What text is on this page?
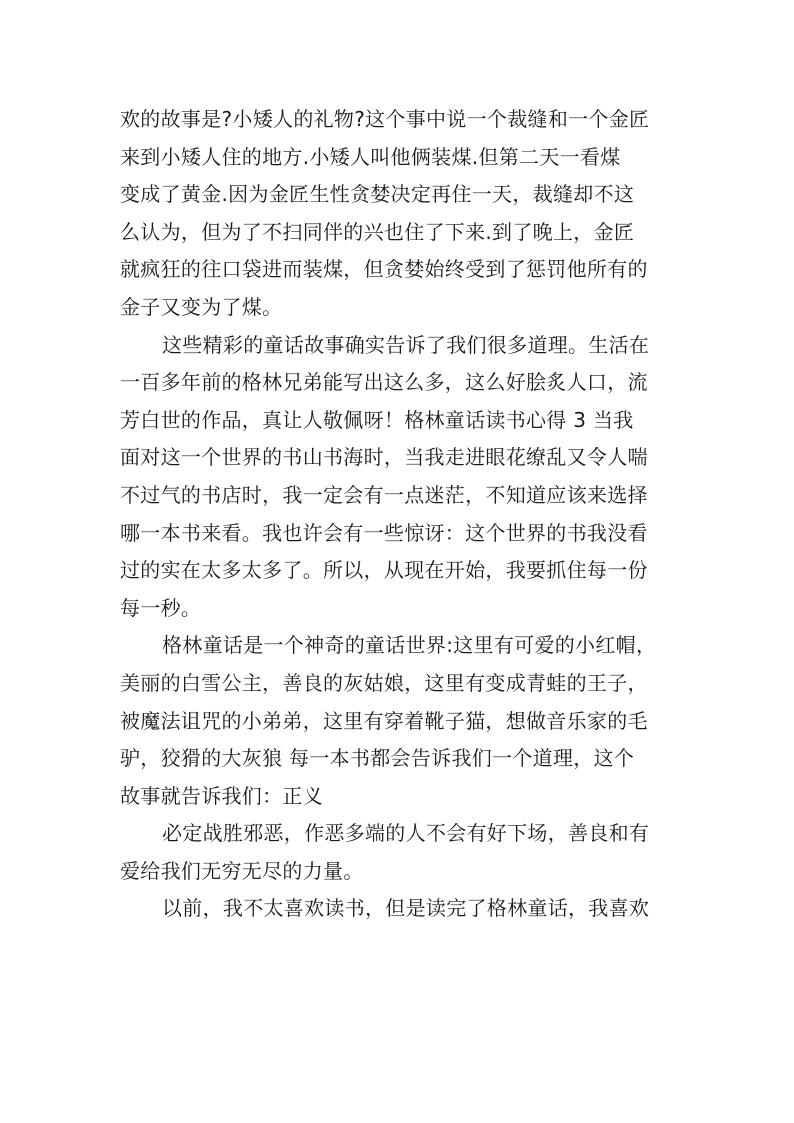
欢的故事是?小矮人的礼物?这个事中说一个裁缝和一个金匠
来到小矮人住的地方.小矮人叫他俩装煤.但第二天一看煤
变成了黄金.因为金匠生性贪婪决定再住一天，裁缝却不这
么认为，但为了不扫同伴的兴也住了下来.到了晚上，金匠
就疯狂的往口袋进而装煤，但贪婪始终受到了惩罚他所有的
金子又变为了煤。
这些精彩的童话故事确实告诉了我们很多道理。生活在
一百多年前的格林兄弟能写出这么多，这么好脍炙人口，流
芳白世的作品，真让人敬佩呀！格林童话读书心得 3 当我
面对这一个世界的书山书海时，当我走进眼花缭乱又令人喘
不过气的书店时，我一定会有一点迷茫，不知道应该来选择
哪一本书来看。我也许会有一些惊讶：这个世界的书我没看
过的实在太多太多了。所以，从现在开始，我要抓住每一份
每一秒。
格林童话是一个神奇的童话世界:这里有可爱的小红帽，
美丽的白雪公主，善良的灰姑娘，这里有变成青蛙的王子，
被魔法诅咒的小弟弟，这里有穿着靴子猫，想做音乐家的毛
驴，狡猾的大灰狼 每一本书都会告诉我们一个道理，这个
故事就告诉我们：正义
必定战胜邪恶，作恶多端的人不会有好下场，善良和有
爱给我们无穷无尽的力量。
以前，我不太喜欢读书，但是读完了格林童话，我喜欢
